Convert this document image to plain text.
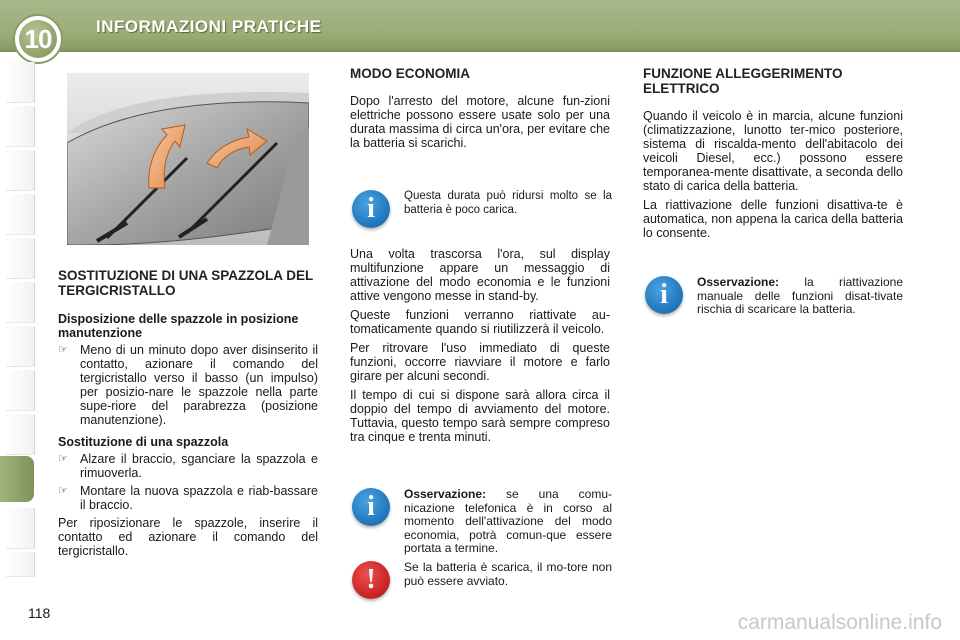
10	INFORMAZIONI PRATICHE
SOSTITUZIONE DI UNA SPAZZOLA DEL TERGICRISTALLO
Disposizione delle spazzole in posizione manutenzione
☞ Meno di un minuto dopo aver disinserito il contatto, azionare il comando del tergicristallo verso il basso (un impulso) per posizio-nare le spazzole nella parte supe-riore del parabrezza (posizione manutenzione).
Sostituzione di una spazzola
☞ Alzare il braccio, sganciare la spazzola e rimuoverla.
☞ Montare la nuova spazzola e riab-bassare il braccio.

Per riposizionare le spazzole, inserire il contatto ed azionare il comando del tergicristallo.

MODO ECONOMIA

Dopo l'arresto del motore, alcune fun-zioni elettriche possono essere usate solo per una durata massima di circa un'ora, per evitare che la batteria si scarichi.

i	Questa durata può ridursi molto se la batteria è poco carica.

Una volta trascorsa l'ora, sul display multifunzione appare un messaggio di attivazione del modo economia e le funzioni attive vengono messe in stand-by.

Queste funzioni verranno riattivate au-tomaticamente quando si riutilizzerà il veicolo.

Per ritrovare l'uso immediato di queste funzioni, occorre riavviare il motore e farlo girare per alcuni secondi.

Il tempo di cui si dispone sarà allora circa il doppio del tempo di avviamento del motore. Tuttavia, questo tempo sarà sempre compreso tra cinque e trenta minuti.

i	Osservazione: se una comu-nicazione telefonica è in corso al momento dell'attivazione del modo economia, potrà comun-que essere portata a termine.
!	Se la batteria è scarica, il mo-tore non può essere avviato.
FUNZIONE ALLEGGERIMENTO ELETTRICO

Quando il veicolo è in marcia, alcune funzioni (climatizzazione, lunotto ter-mico posteriore, sistema di riscalda-mento dell'abitacolo dei veicoli Diesel, ecc.) possono essere temporanea-mente disattivate, a seconda dello stato di carica della batteria.

La riattivazione delle funzioni disattiva-te è automatica, non appena la carica della batteria lo consente.

i	Osservazione: la riattivazione manuale delle funzioni disat-tivate rischia di scaricare la batteria.
118	carmanualsonline.info
